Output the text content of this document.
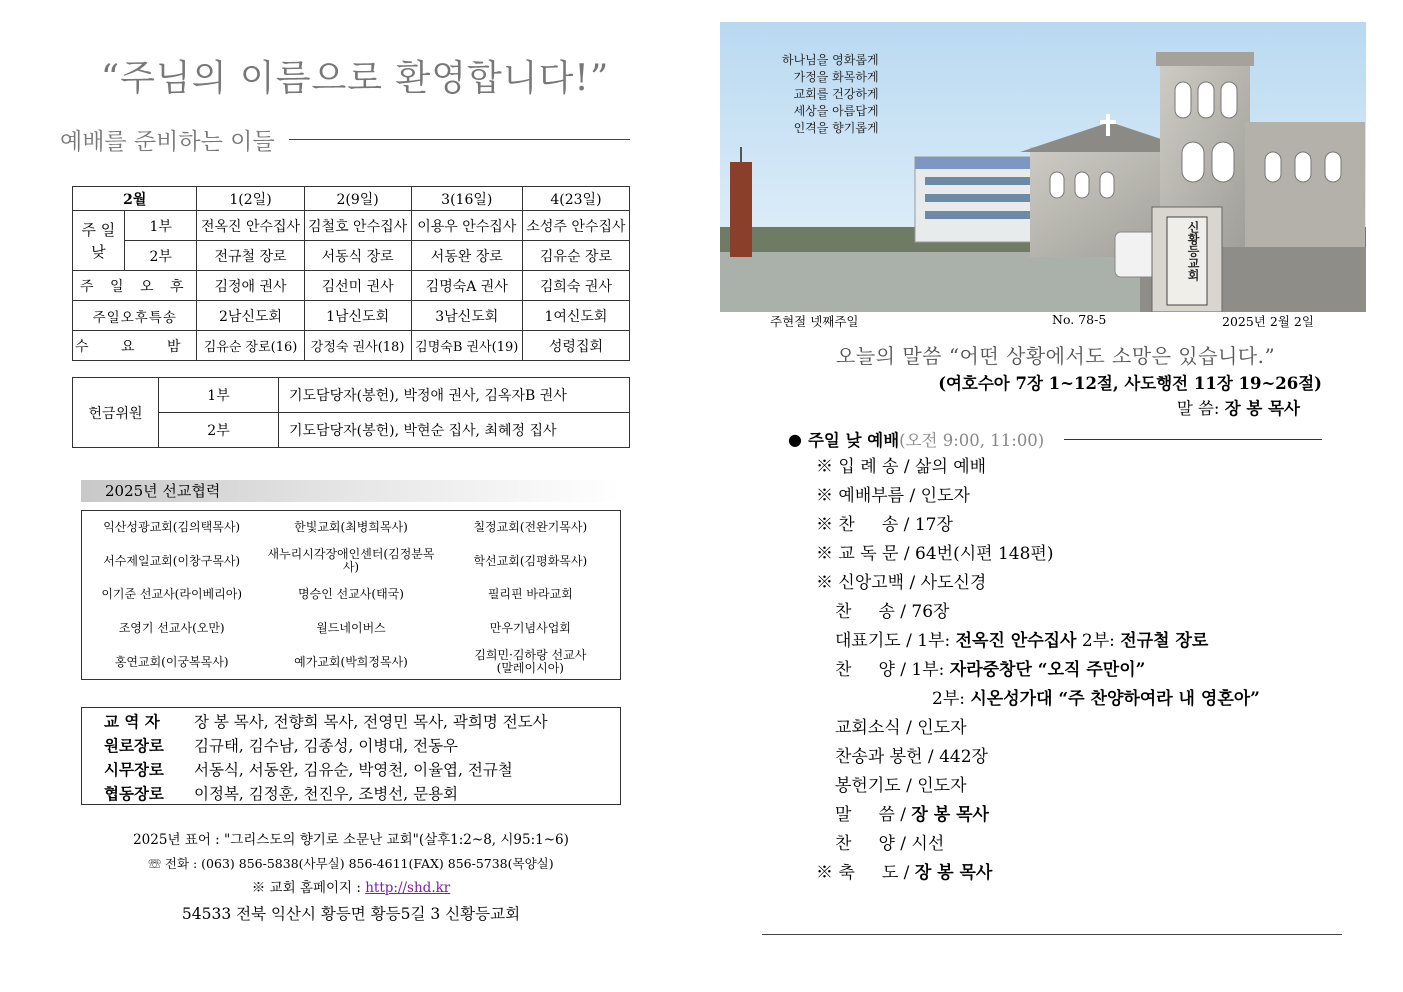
“주님의 이름으로 환영합니다!”
예배를 준비하는 이들
2월		1(2일)	2(9일)	3(16일)	4(23일)
주 일
낮	1부	전옥진 안수집사	김철호 안수집사	이용우 안수집사	소성주 안수집사
	2부	전규철 장로	서동식 장로	서동완 장로	김유순 장로
주 일 오 후		김정애 권사	김선미 권사	김명숙A 권사	김희숙 권사
주일오후특송		2남신도회	1남신도회	3남신도회	1여신도회
수 요 밤		김유순 장로(16)	강정숙 권사(18)	김명숙B 권사(19)	성령집회
헌금위원	1부	기도담당자(봉헌), 박정애 권사, 김옥자B 권사
	2부	기도담당자(봉헌), 박현순 집사, 최혜정 집사
2025년 선교협력
익산성광교회(김의택목사)	한빛교회(최병희목사)	칠정교회(전완기목사)
서수제일교회(이창구목사)	새누리시각장애인센터(김정분목사)	학선교회(김평화목사)
이기준 선교사(라이베리아)	명승인 선교사(태국)	필리핀 바라교회
조영기 선교사(오만)	월드네이버스	만우기념사업회
홍연교회(이궁복목사)	예가교회(박희정목사)	김희민·김하랑 선교사
(말레이시아)
교 역 자	장 봉 목사, 전향희 목사, 전영민 목사, 곽희명 전도사
원로장로	김규태, 김수남, 김종성, 이병대, 전동우
시무장로	서동식, 서동완, 김유순, 박영천, 이율엽, 전규철
협동장로	이정복, 김정훈, 천진우, 조병선, 문용회
2025년 표어 : "그리스도의 향기로 소문난 교회"(살후1:2~8, 시95:1~6)
☏ 전화 : (063) 856-5838(사무실) 856-4611(FAX) 856-5738(목양실)
※ 교회 홈페이지 : http://shd.kr
54533 전북 익산시 황등면 황등5길 3 신황등교회
신황등교회
하나님을 영화롭게
가정을 화목하게
교회를 건강하게
세상을 아름답게
인격을 향기롭게
주현절 넷째주일	No. 78-5	2025년 2월 2일
오늘의 말씀 “어떤 상황에서도 소망은 있습니다.”
(여호수아 7장 1~12절, 사도행전 11장 19~26절)
말 씀: 장 봉 목사
● 주일 낮 예배 (오전 9:00, 11:00)
※ 입 례 송 / 삶의 예배
※ 예배부름 / 인도자
※ 찬     송 / 17장
※ 교 독 문 / 64번(시편 148편)
※ 신앙고백 / 사도신경
찬     송 / 76장
대표기도 / 1부: 전옥진 안수집사 2부: 전규철 장로
찬     양 / 1부: 자라중창단 “오직 주만이”
2부: 시온성가대 “주 찬양하여라 내 영혼아”
교회소식 / 인도자
찬송과 봉헌 / 442장
봉헌기도 / 인도자
말     씀 / 장 봉 목사
찬     양 / 시선
※ 축     도 / 장 봉 목사
